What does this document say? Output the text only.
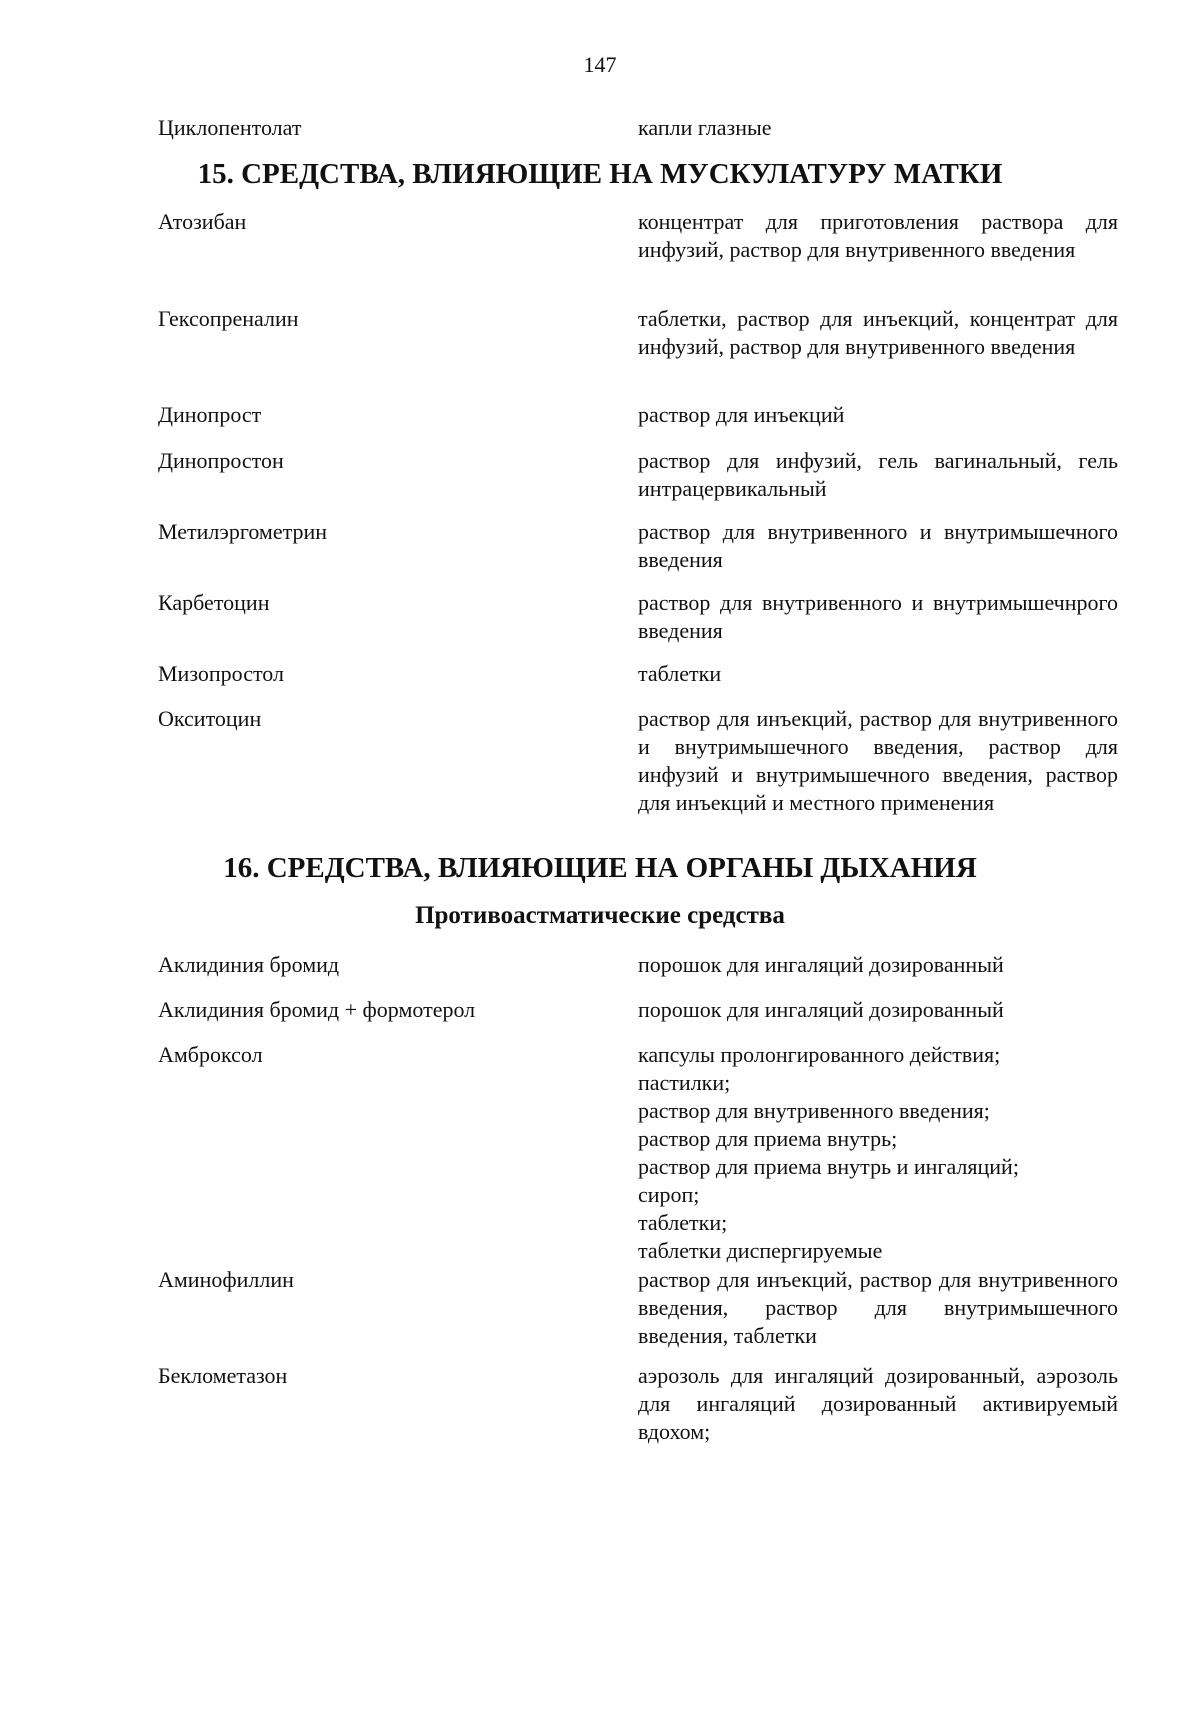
147
Циклопентолат	капли глазные
15. СРЕДСТВА, ВЛИЯЮЩИЕ НА МУСКУЛАТУРУ МАТКИ
Атозибан	концентрат для приготовления раствора для инфузий, раствор для внутривенного введения
Гексопреналин	таблетки, раствор для инъекций, концентрат для инфузий, раствор для внутривенного введения
Динопрост	раствор для инъекций
Динопростон	раствор для инфузий, гель вагинальный, гель интрацервикальный
Метилэргометрин	раствор для внутривенного и внутримышечного введения
Карбетоцин	раствор для внутривенного и внутримышечнрого введения
Мизопростол	таблетки
Окситоцин	раствор для инъекций, раствор для внутривенного и внутримышечного введения, раствор для инфузий и внутримышечного введения, раствор для инъекций и местного применения
16. СРЕДСТВА, ВЛИЯЮЩИЕ НА ОРГАНЫ ДЫХАНИЯ
Противоастматические средства
Аклидиния бромид	порошок для ингаляций дозированный
Аклидиния бромид + формотерол	порошок для ингаляций дозированный
Амброксол	капсулы пролонгированного действия;
пастилки;
раствор для внутривенного введения;
раствор для приема внутрь;
раствор для приема внутрь и ингаляций;
сироп;
таблетки;
таблетки диспергируемые
Аминофиллин	раствор для инъекций, раствор для внутривенного введения, раствор для внутримышечного введения, таблетки
Беклометазон	аэрозоль для ингаляций дозированный, аэрозоль для ингаляций дозированный активируемый вдохом;
